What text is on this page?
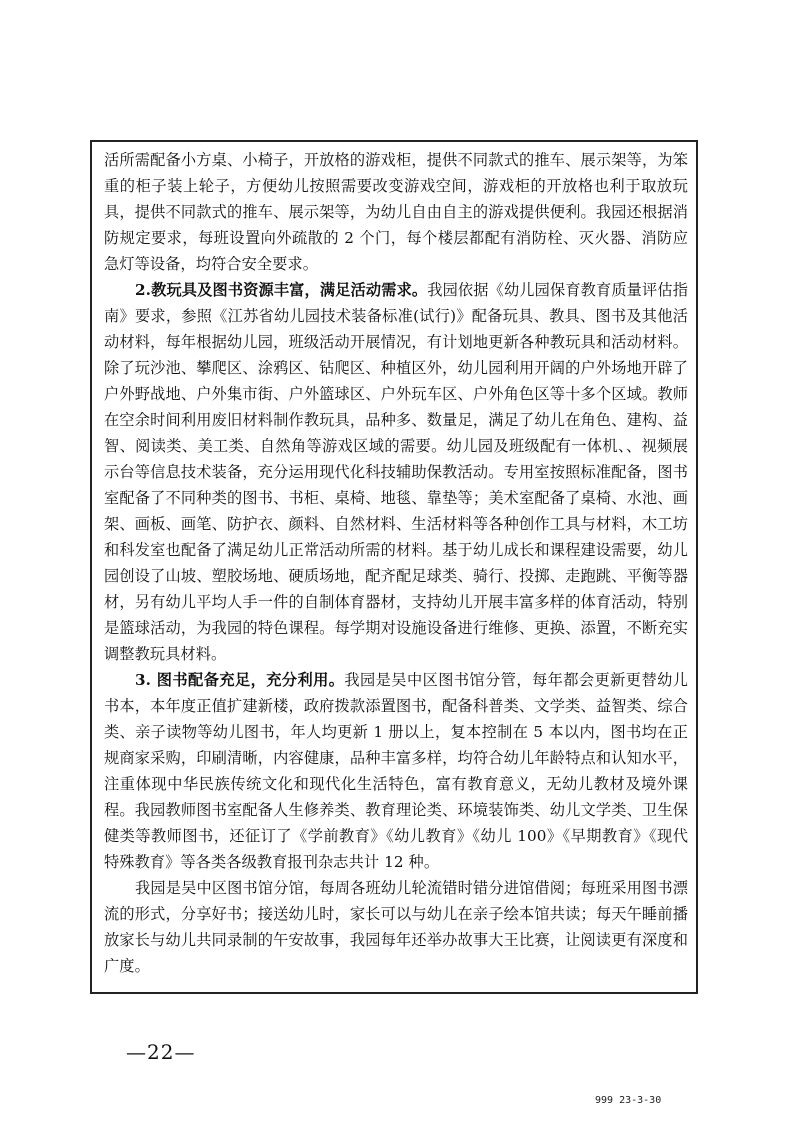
活所需配备小方桌、小椅子，开放格的游戏柜，提供不同款式的推车、展示架等，为笨重的柜子装上轮子，方便幼儿按照需要改变游戏空间，游戏柜的开放格也利于取放玩具，提供不同款式的推车、展示架等，为幼儿自由自主的游戏提供便利。我园还根据消防规定要求，每班设置向外疏散的 2 个门，每个楼层都配有消防栓、灭火器、消防应急灯等设备，均符合安全要求。

2.教玩具及图书资源丰富，满足活动需求。我园依据《幼儿园保育教育质量评估指南》要求，参照《江苏省幼儿园技术装备标准(试行)》配备玩具、教具、图书及其他活动材料，每年根据幼儿园，班级活动开展情况，有计划地更新各种教玩具和活动材料。除了玩沙池、攀爬区、涂鸦区、钻爬区、种植区外，幼儿园利用开阔的户外场地开辟了户外野战地、户外集市街、户外篮球区、户外玩车区、户外角色区等十多个区域。教师在空余时间利用废旧材料制作教玩具，品种多、数量足，满足了幼儿在角色、建构、益智、阅读类、美工类、自然角等游戏区域的需要。幼儿园及班级配有一体机、、视频展示台等信息技术装备，充分运用现代化科技辅助保教活动。专用室按照标准配备，图书室配备了不同种类的图书、书柜、桌椅、地毯、靠垫等；美术室配备了桌椅、水池、画架、画板、画笔、防护衣、颜料、自然材料、生活材料等各种创作工具与材料，木工坊和科发室也配备了满足幼儿正常活动所需的材料。基于幼儿成长和课程建设需要，幼儿园创设了山坡、塑胶场地、硬质场地，配齐配足球类、骑行、投掷、走跑跳、平衡等器材，另有幼儿平均人手一件的自制体育器材，支持幼儿开展丰富多样的体育活动，特别是篮球活动，为我园的特色课程。每学期对设施设备进行维修、更换、添置，不断充实调整教玩具材料。

3. 图书配备充足，充分利用。我园是吴中区图书馆分管，每年都会更新更替幼儿书本，本年度正值扩建新楼，政府拨款添置图书，配备科普类、文学类、益智类、综合类、亲子读物等幼儿图书，年人均更新 1 册以上，复本控制在 5 本以内，图书均在正规商家采购，印刷清晰，内容健康，品种丰富多样，均符合幼儿年龄特点和认知水平，注重体现中华民族传统文化和现代化生活特色，富有教育意义，无幼儿教材及境外课程。我园教师图书室配备人生修养类、教育理论类、环境装饰类、幼儿文学类、卫生保健类等教师图书，还征订了《学前教育》《幼儿教育》《幼儿 100》《早期教育》《现代特殊教育》等各类各级教育报刊杂志共计 12 种。

我园是吴中区图书馆分馆，每周各班幼儿轮流错时错分进馆借阅；每班采用图书漂流的形式，分享好书；接送幼儿时，家长可以与幼儿在亲子绘本馆共读；每天午睡前播放家长与幼儿共同录制的午安故事，我园每年还举办故事大王比赛，让阅读更有深度和广度。

—22—
999 23-3-30
